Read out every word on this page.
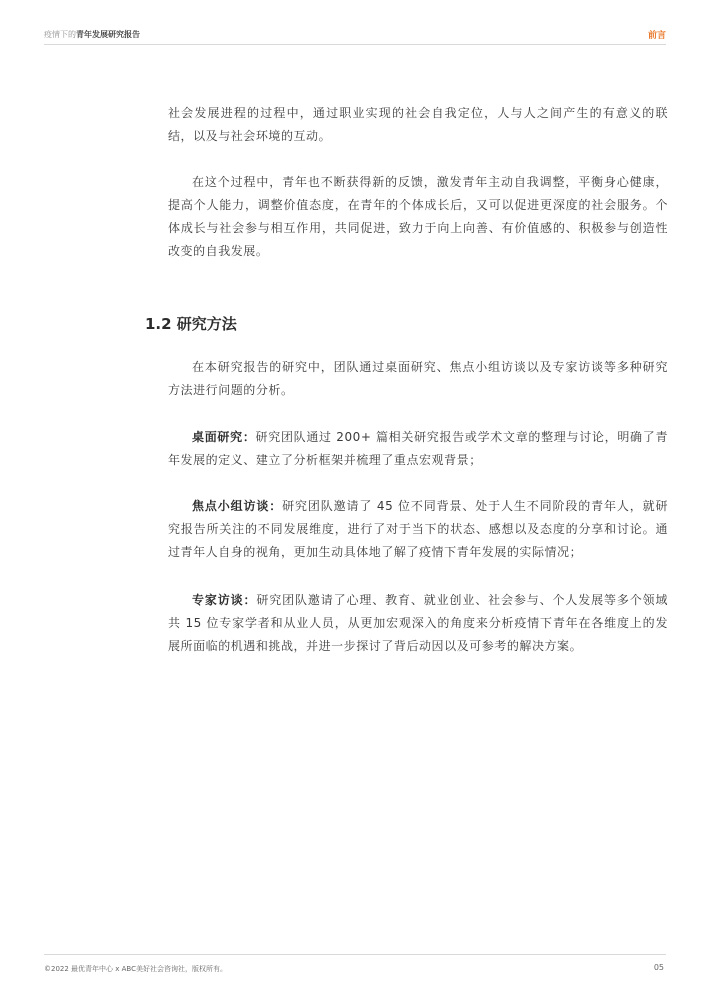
疫情下的青年发展研究报告	前言

社会发展进程的过程中，通过职业实现的社会自我定位，人与人之间产生的有意义的联结，以及与社会环境的互动。

在这个过程中，青年也不断获得新的反馈，激发青年主动自我调整，平衡身心健康，提高个人能力，调整价值态度，在青年的个体成长后，又可以促进更深度的社会服务。个体成长与社会参与相互作用，共同促进，致力于向上向善、有价值感的、积极参与创造性改变的自我发展。

1.2 研究方法

在本研究报告的研究中，团队通过桌面研究、焦点小组访谈以及专家访谈等多种研究方法进行问题的分析。

桌面研究：研究团队通过 200+ 篇相关研究报告或学术文章的整理与讨论，明确了青年发展的定义、建立了分析框架并梳理了重点宏观背景；

焦点小组访谈：研究团队邀请了 45 位不同背景、处于人生不同阶段的青年人，就研究报告所关注的不同发展维度，进行了对于当下的状态、感想以及态度的分享和讨论。通过青年人自身的视角，更加生动具体地了解了疫情下青年发展的实际情况；

专家访谈：研究团队邀请了心理、教育、就业创业、社会参与、个人发展等多个领域共 15 位专家学者和从业人员，从更加宏观深入的角度来分析疫情下青年在各维度上的发展所面临的机遇和挑战，并进一步探讨了背后动因以及可参考的解决方案。

©2022 最优青年中心 x ABC美好社会咨询社，版权所有。	05
